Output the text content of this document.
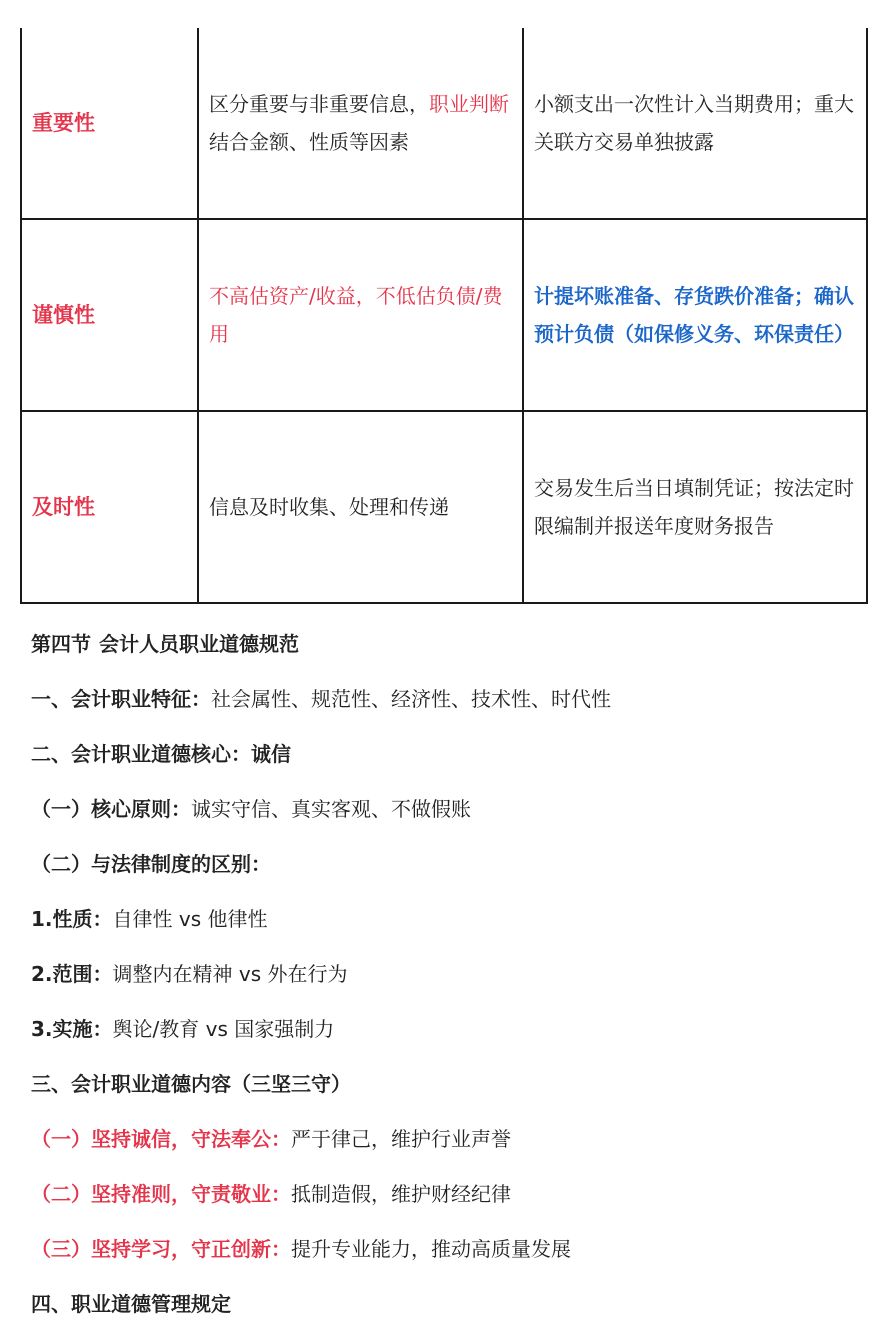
重要性	区分重要与非重要信息，职业判断结合金额、性质等因素	小额支出一次性计入当期费用；重大关联方交易单独披露
谨慎性	不高估资产/收益，不低估负债/费用	计提坏账准备、存货跌价准备；确认预计负债（如保修义务、环保责任）
及时性	信息及时收集、处理和传递	交易发生后当日填制凭证；按法定时限编制并报送年度财务报告
第四节 会计人员职业道德规范
一、会计职业特征：社会属性、规范性、经济性、技术性、时代性
二、会计职业道德核心：诚信
（一）核心原则：诚实守信、真实客观、不做假账
（二）与法律制度的区别：
1.性质：自律性 vs 他律性
2.范围：调整内在精神 vs 外在行为
3.实施：舆论/教育 vs 国家强制力
三、会计职业道德内容（三坚三守）
（一）坚持诚信，守法奉公：严于律己，维护行业声誉
（二）坚持准则，守责敬业：抵制造假，维护财经纪律
（三）坚持学习，守正创新：提升专业能力，推动高质量发展
四、职业道德管理规定
